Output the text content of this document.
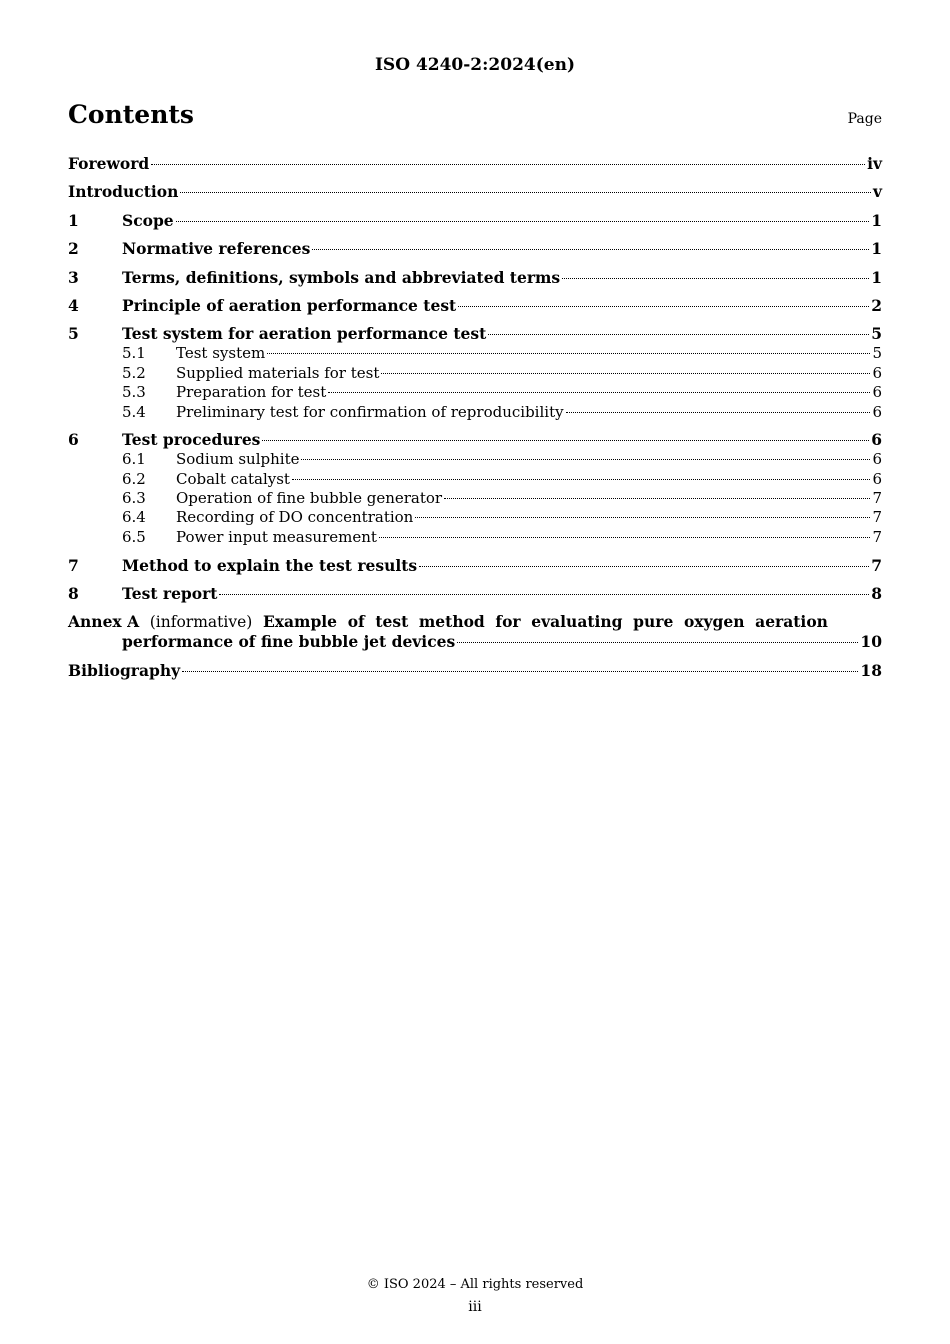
ISO 4240-2:2024(en)
Contents	Page
Foreword	iv
Introduction	v
1	Scope	1
2	Normative references	1
3	Terms, definitions, symbols and abbreviated terms	1
4	Principle of aeration performance test	2
5	Test system for aeration performance test	5
5.1	Test system	5
5.2	Supplied materials for test	6
5.3	Preparation for test	6
5.4	Preliminary test for confirmation of reproducibility	6
6	Test procedures	6
6.1	Sodium sulphite	6
6.2	Cobalt catalyst	6
6.3	Operation of fine bubble generator	7
6.4	Recording of DO concentration	7
6.5	Power input measurement	7
7	Method to explain the test results	7
8	Test report	8
Annex A (informative) Example of test method for evaluating pure oxygen aeration
performance of fine bubble jet devices	10
Bibliography	18
© ISO 2024 – All rights reserved
iii
